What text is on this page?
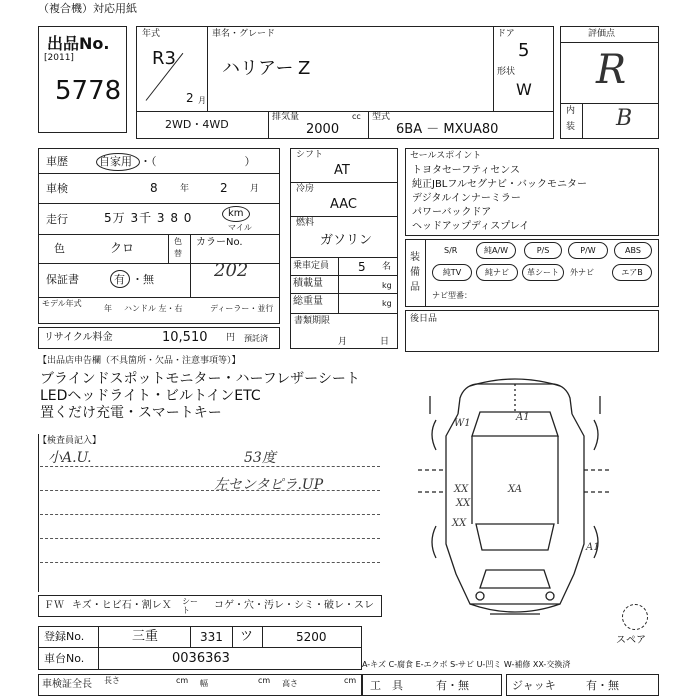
（複合機）対応用紙
出品No.
[2011]
5778
年式
R3
2 月
車名・グレード
ハリアー Z
ドア
5
形状
W
2WD・4WD
排気量	cc
2000
型式
6BA － MXUA80
評価点
R
内
装 B
車歴	自家用 ・（　　　　　　　　）
車検	8 年	2 月
走行	5万 3千 3 8 0	km
マイル
色	クロ	色
替
カラーNo.
202
保証書	有 ・無
モデル年式
年 ハンドル 左・右	ディーラー・並行
リサイクル料金	10,510 円 預託済
シフト
AT
冷房
AAC
燃料
ガソリン
乗車定員 5 名
積載量	kg
総重量	kg
書類期限
月	日
セールスポイント
トヨタセーフティセンス
純正JBLフルセグナビ・バックモニター
デジタルインナーミラー
パワーバックドア
ヘッドアップディスプレイ
装備品
S/R	純A/W	P/S	P/W	ABS
純TV	純ナビ	革シート	外ナビ	エアB
ナビ型番：
後日品
【出品店申告欄（不具箇所・欠品・注意事項等）】
ブラインドスポットモニター・ハーフレザーシート
LEDヘッドライト・ビルトインETC
置くだけ充電・スマートキー
【検査員記入】
小A.U.	53度
左センタピラ.UP
ＦＷ キズ・ヒビ石・割レＸ シート	コゲ・穴・汚レ・シミ・破レ・スレ
登録No.	三重	331 ツ	5200
車台No.	0036363
車検証全長 長さ	cm 幅	cm 高さ	cm
A-キズ C-腐食 E-エクボ S-サビ U-凹ミ W-補修 XX-交換済
工　具	有・無	ジャッキ	有・無
W1
A1
XX
XX
XX
XA
A1
スペア
